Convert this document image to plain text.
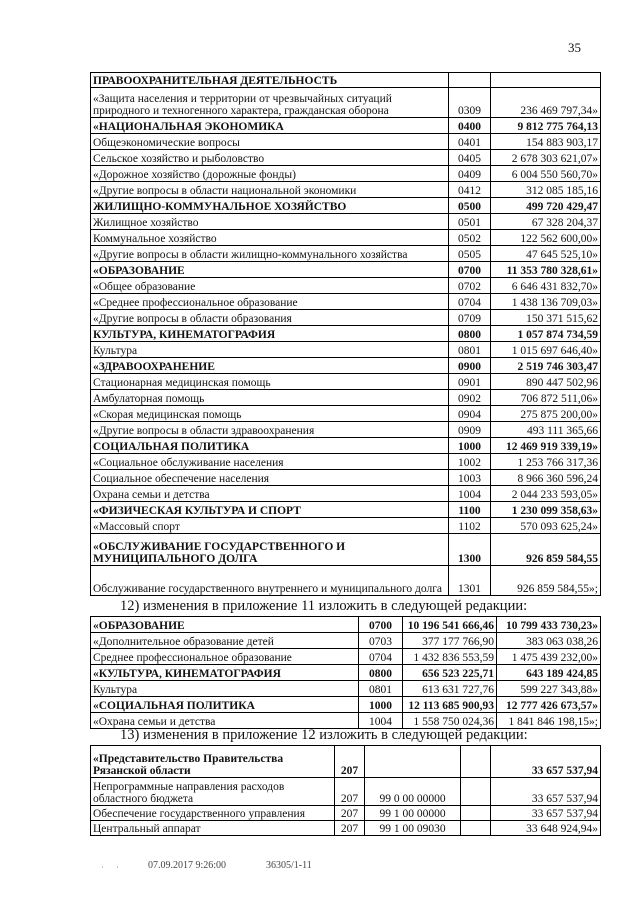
35
ПРАВООХРАНИТЕЛЬНАЯ ДЕЯТЕЛЬНОСТЬ		
«Защита населения и территории от чрезвычайных ситуаций природного и техногенного характера, гражданская оборона	0309	236 469 797,34»
«НАЦИОНАЛЬНАЯ ЭКОНОМИКА	0400	9 812 775 764,13
Общеэкономические вопросы	0401	154 883 903,17
Сельское хозяйство и рыболовство	0405	2 678 303 621,07»
«Дорожное хозяйство (дорожные фонды)	0409	6 004 550 560,70»
«Другие вопросы в области национальной экономики	0412	312 085 185,16
ЖИЛИЩНО-КОММУНАЛЬНОЕ ХОЗЯЙСТВО	0500	499 720 429,47
Жилищное хозяйство	0501	67 328 204,37
Коммунальное хозяйство	0502	122 562 600,00»
«Другие вопросы в области жилищно-коммунального хозяйства	0505	47 645 525,10»
«ОБРАЗОВАНИЕ	0700	11 353 780 328,61»
«Общее образование	0702	6 646 431 832,70»
«Среднее профессиональное образование	0704	1 438 136 709,03»
«Другие вопросы в области образования	0709	150 371 515,62
КУЛЬТУРА, КИНЕМАТОГРАФИЯ	0800	1 057 874 734,59
Культура	0801	1 015 697 646,40»
«ЗДРАВООХРАНЕНИЕ	0900	2 519 746 303,47
Стационарная медицинская помощь	0901	890 447 502,96
Амбулаторная помощь	0902	706 872 511,06»
«Скорая медицинская помощь	0904	275 875 200,00»
«Другие вопросы в области здравоохранения	0909	493 111 365,66
СОЦИАЛЬНАЯ ПОЛИТИКА	1000	12 469 919 339,19»
«Социальное обслуживание населения	1002	1 253 766 317,36
Социальное обеспечение населения	1003	8 966 360 596,24
Охрана семьи и детства	1004	2 044 233 593,05»
«ФИЗИЧЕСКАЯ КУЛЬТУРА И СПОРТ	1100	1 230 099 358,63»
«Массовый спорт	1102	570 093 625,24»
«ОБСЛУЖИВАНИЕ ГОСУДАРСТВЕННОГО И МУНИЦИПАЛЬНОГО ДОЛГА	1300	926 859 584,55
Обслуживание государственного внутреннего и муниципального долга	1301	926 859 584,55»;
12) изменения в приложение 11 изложить в следующей редакции:
«ОБРАЗОВАНИЕ	0700	10 196 541 666,46	10 799 433 730,23»
«Дополнительное образование детей	0703	377 177 766,90	383 063 038,26
Среднее профессиональное образование	0704	1 432 836 553,59	1 475 439 232,00»
«КУЛЬТУРА, КИНЕМАТОГРАФИЯ	0800	656 523 225,71	643 189 424,85
Культура	0801	613 631 727,76	599 227 343,88»
«СОЦИАЛЬНАЯ ПОЛИТИКА	1000	12 113 685 900,93	12 777 426 673,57»
«Охрана семьи и детства	1004	1 558 750 024,36	1 841 846 198,15»;
13) изменения в приложение 12 изложить в следующей редакции:
«Представительство Правительства Рязанской области	207			33 657 537,94
Непрограммные направления расходов областного бюджета	207	99 0 00 00000		33 657 537,94
Обеспечение государственного управления	207	99 1 00 00000		33 657 537,94
Центральный аппарат	207	99 1 00 09030		33 648 924,94»
· ·	07.09.2017 9:26:00	36305/1-11
